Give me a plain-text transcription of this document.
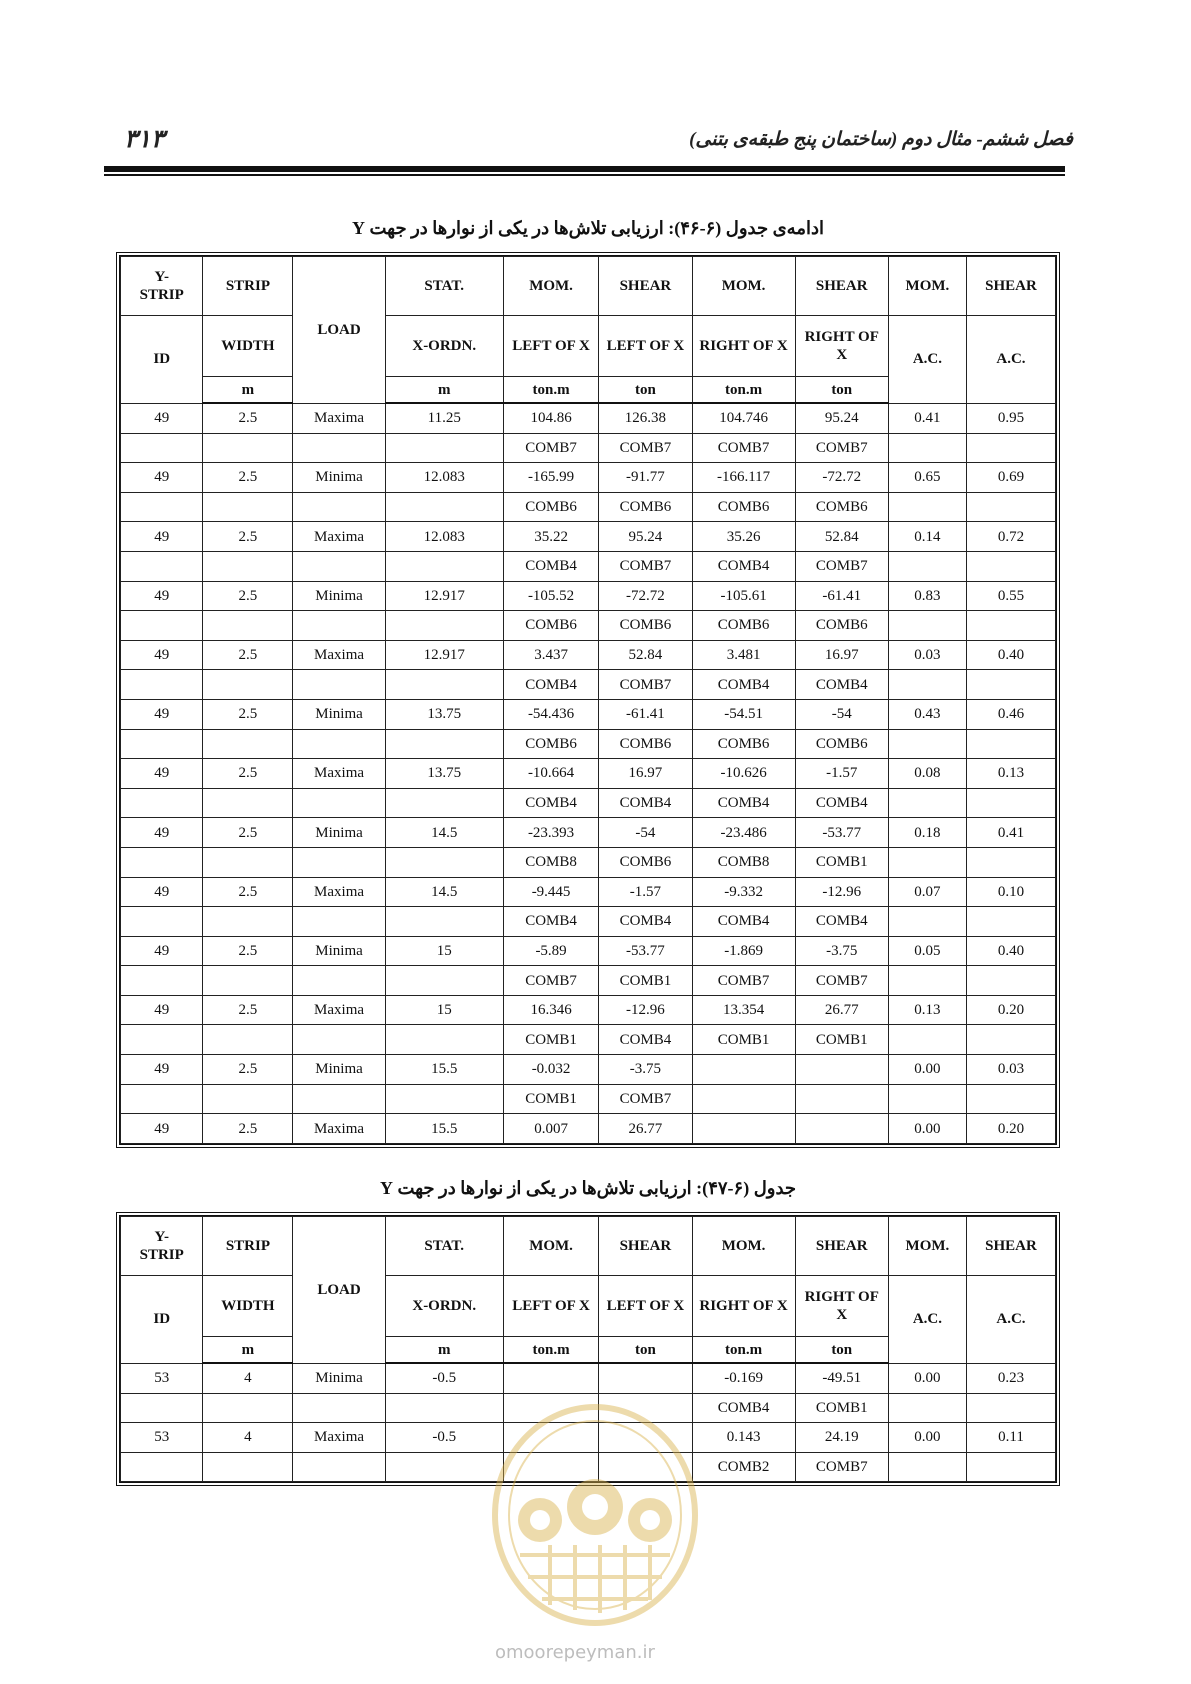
فصل ششم- مثال دوم (ساختمان پنج طبقه‌ی بتنی)
۳۱۳
ادامه‌ی جدول (۶-۴۶): ارزیابی تلاش‌ها در یکی از نوارها در جهت Y
Y-
STRIP	STRIP	LOAD	STAT.	MOM.	SHEAR	MOM.	SHEAR	MOM.	SHEAR
ID	WIDTH		X-ORDN.	LEFT OF X	LEFT OF X	RIGHT OF X	RIGHT OF X	A.C.	A.C.
	m		m	ton.m	ton	ton.m	ton		
49	2.5	Maxima	11.25	104.86	126.38	104.746	95.24	0.41	0.95
				COMB7	COMB7	COMB7	COMB7		
49	2.5	Minima	12.083	-165.99	-91.77	-166.117	-72.72	0.65	0.69
				COMB6	COMB6	COMB6	COMB6		
49	2.5	Maxima	12.083	35.22	95.24	35.26	52.84	0.14	0.72
				COMB4	COMB7	COMB4	COMB7		
49	2.5	Minima	12.917	-105.52	-72.72	-105.61	-61.41	0.83	0.55
				COMB6	COMB6	COMB6	COMB6		
49	2.5	Maxima	12.917	3.437	52.84	3.481	16.97	0.03	0.40
				COMB4	COMB7	COMB4	COMB4		
49	2.5	Minima	13.75	-54.436	-61.41	-54.51	-54	0.43	0.46
				COMB6	COMB6	COMB6	COMB6		
49	2.5	Maxima	13.75	-10.664	16.97	-10.626	-1.57	0.08	0.13
				COMB4	COMB4	COMB4	COMB4		
49	2.5	Minima	14.5	-23.393	-54	-23.486	-53.77	0.18	0.41
				COMB8	COMB6	COMB8	COMB1		
49	2.5	Maxima	14.5	-9.445	-1.57	-9.332	-12.96	0.07	0.10
				COMB4	COMB4	COMB4	COMB4		
49	2.5	Minima	15	-5.89	-53.77	-1.869	-3.75	0.05	0.40
				COMB7	COMB1	COMB7	COMB7		
49	2.5	Maxima	15	16.346	-12.96	13.354	26.77	0.13	0.20
				COMB1	COMB4	COMB1	COMB1		
49	2.5	Minima	15.5	-0.032	-3.75			0.00	0.03
				COMB1	COMB7				
49	2.5	Maxima	15.5	0.007	26.77			0.00	0.20
جدول (۶-۴۷): ارزیابی تلاش‌ها در یکی از نوارها در جهت Y
Y-
STRIP	STRIP	LOAD	STAT.	MOM.	SHEAR	MOM.	SHEAR	MOM.	SHEAR
ID	WIDTH		X-ORDN.	LEFT OF X	LEFT OF X	RIGHT OF X	RIGHT OF X	A.C.	A.C.
	m		m	ton.m	ton	ton.m	ton		
53	4	Minima	-0.5			-0.169	-49.51	0.00	0.23
						COMB4	COMB1		
53	4	Maxima	-0.5			0.143	24.19	0.00	0.11
						COMB2	COMB7		
omoorepeyman.ir
